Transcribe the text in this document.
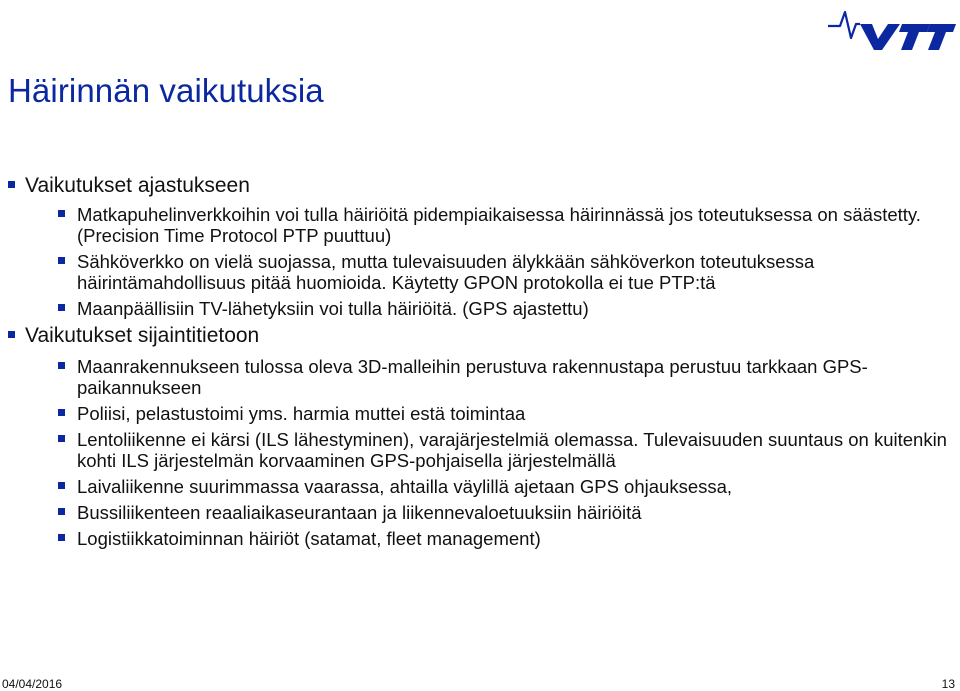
Häirinnän vaikutuksia
Vaikutukset ajastukseen
Matkapuhelinverkkoihin voi tulla häiriöitä pidempiaikaisessa häirinnässä jos toteutuksessa on säästetty. (Precision Time Protocol PTP puuttuu)
Sähköverkko on vielä suojassa, mutta tulevaisuuden älykkään sähköverkon toteutuksessa häirintämahdollisuus pitää huomioida. Käytetty GPON protokolla ei tue PTP:tä
Maanpäällisiin TV-lähetyksiin voi tulla häiriöitä. (GPS ajastettu)
Vaikutukset sijaintitietoon
Maanrakennukseen tulossa oleva 3D-malleihin perustuva rakennustapa perustuu tarkkaan GPS-paikannukseen
Poliisi, pelastustoimi yms. harmia muttei estä toimintaa
Lentoliikenne ei kärsi (ILS lähestyminen), varajärjestelmiä olemassa. Tulevaisuuden suuntaus on kuitenkin kohti ILS järjestelmän korvaaminen GPS-pohjaisella järjestelmällä
Laivaliikenne suurimmassa vaarassa, ahtailla väylillä ajetaan GPS ohjauksessa,
Bussiliikenteen reaaliaikaseurantaan ja liikennevaloetuuksiin häiriöitä
Logistiikkatoiminnan häiriöt (satamat, fleet management)
04/04/2016	13
